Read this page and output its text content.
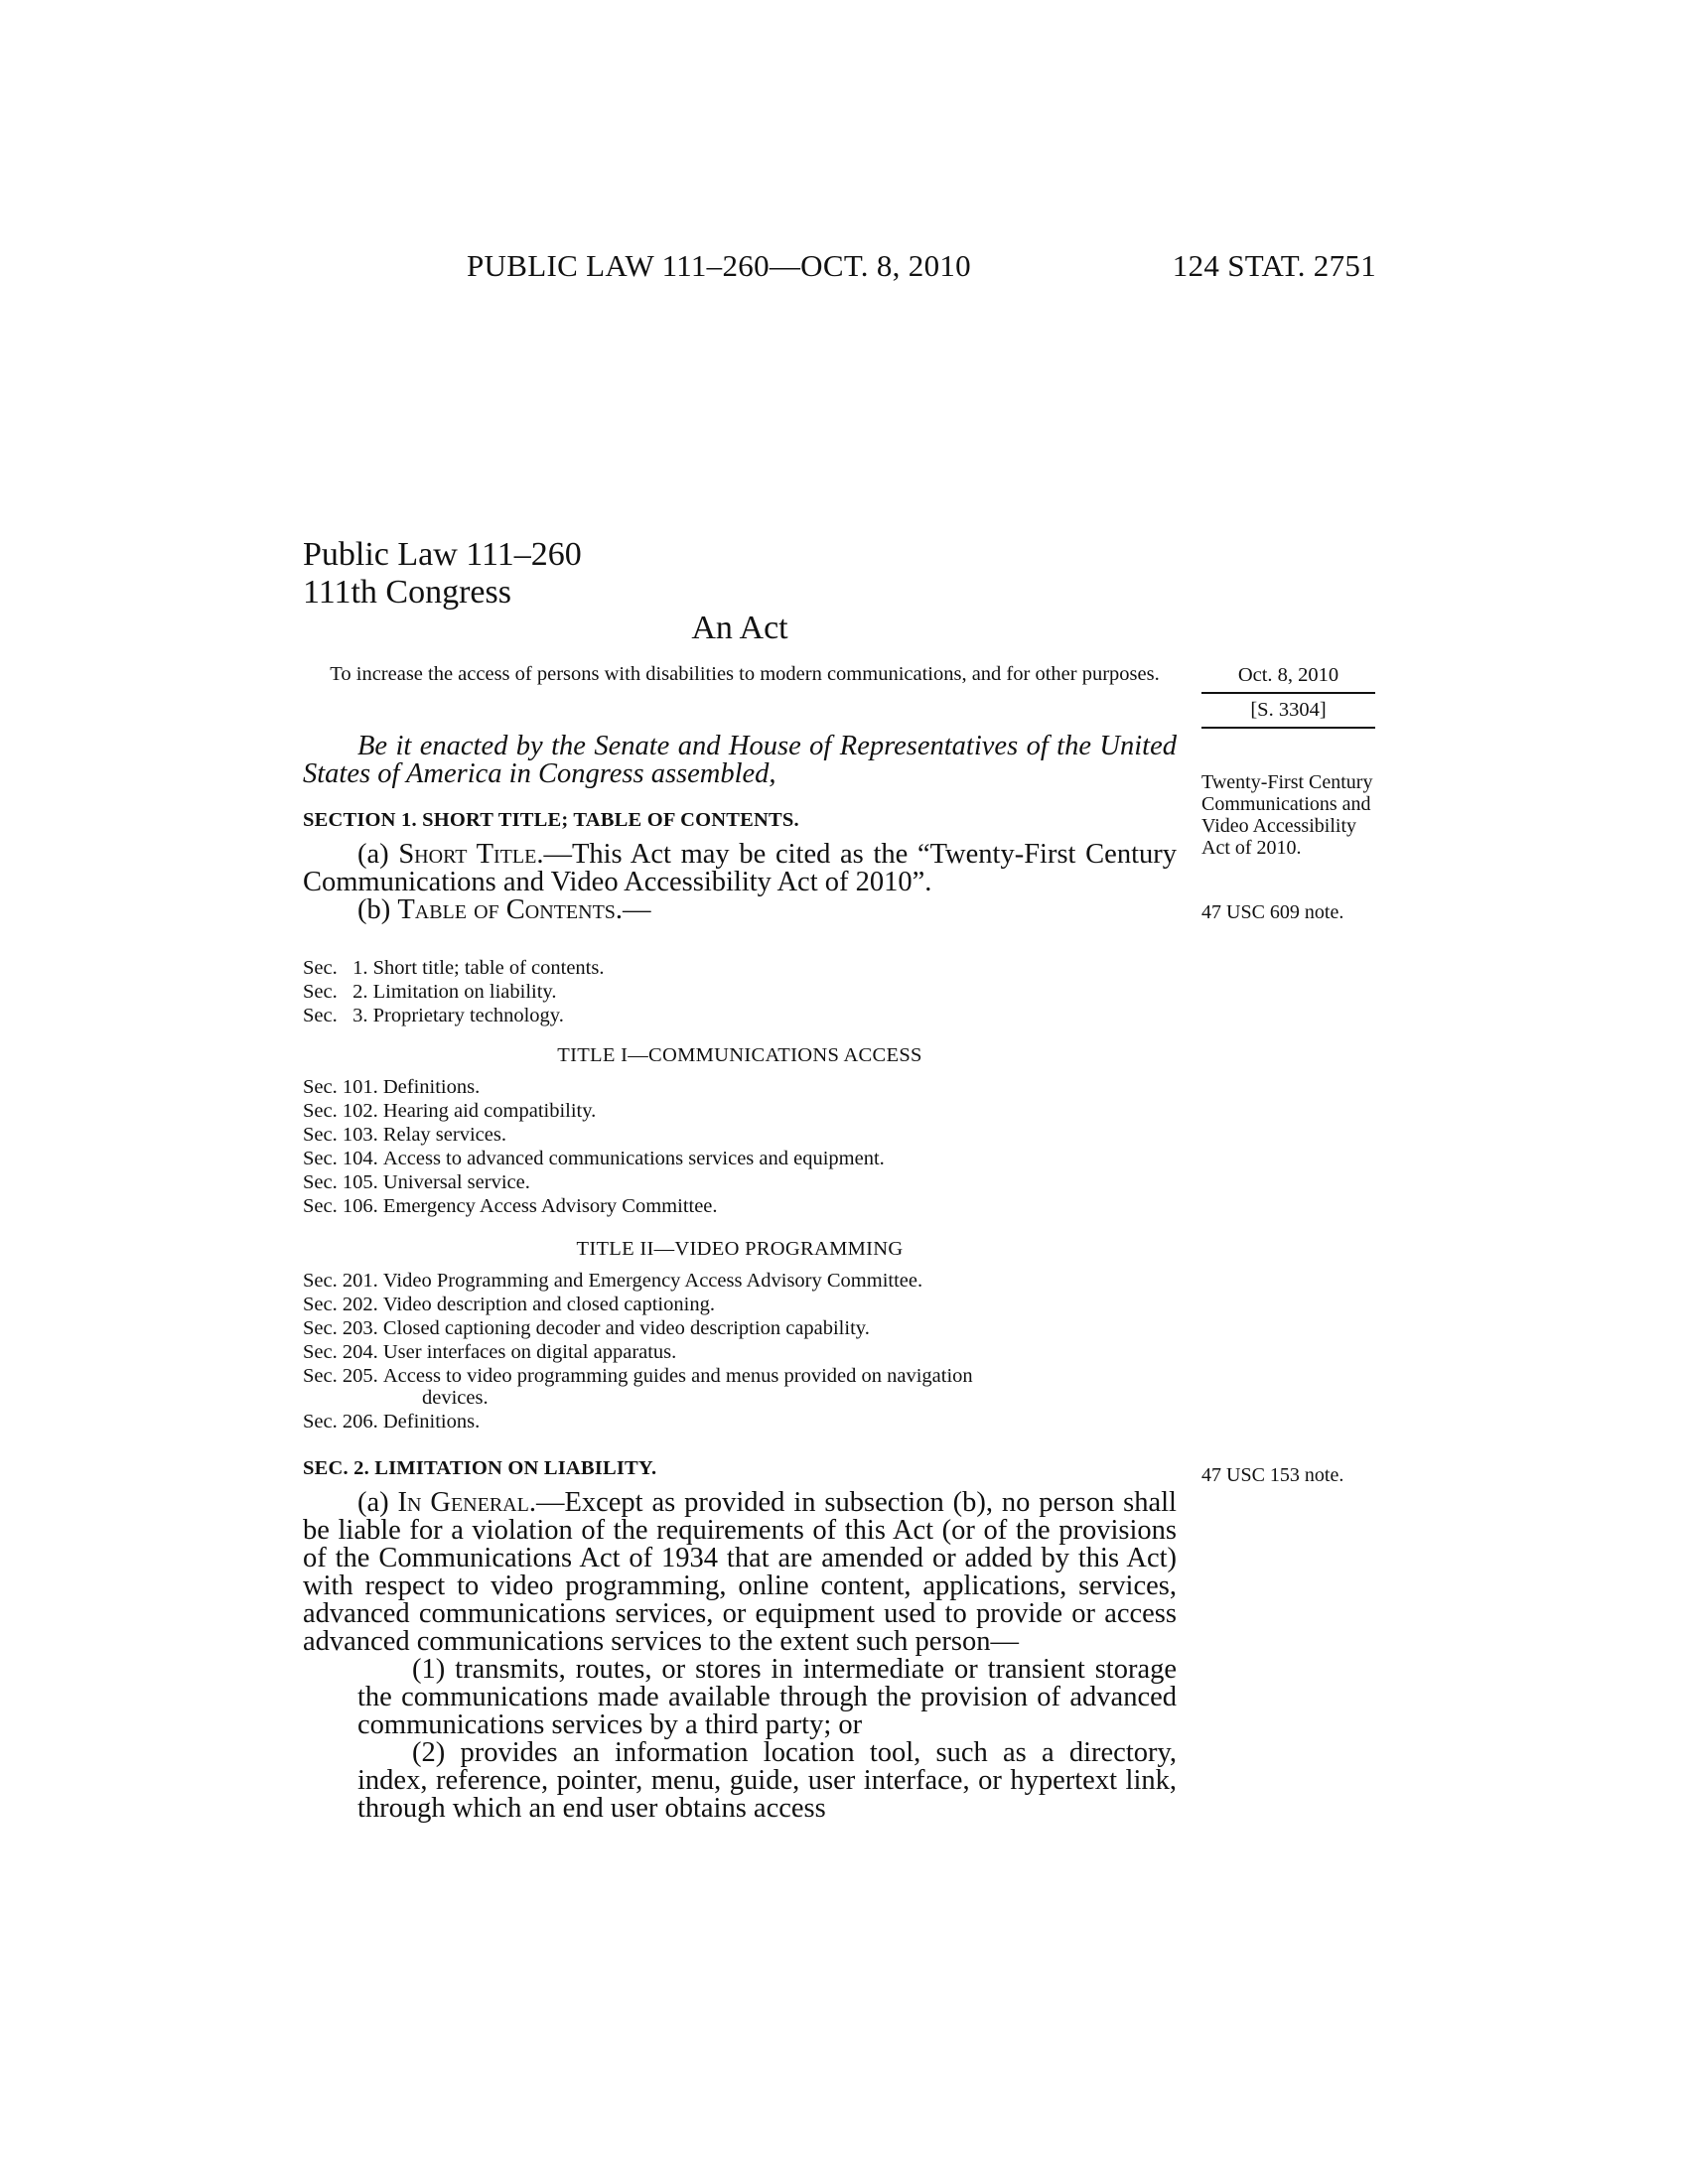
PUBLIC LAW 111–260—OCT. 8, 2010	124 STAT. 2751
Public Law 111–260
111th Congress
An Act
To increase the access of persons with disabilities to modern communications, and for other purposes.	Oct. 8, 2010
[S. 3304]
Twenty-First Century Communications and Video Accessibility Act of 2010.
47 USC 609 note.
47 USC 153 note.

Be it enacted by the Senate and House of Representatives of the United States of America in Congress assembled,

SECTION 1. SHORT TITLE; TABLE OF CONTENTS.

(a) Short Title.—This Act may be cited as the “Twenty-First Century Communications and Video Accessibility Act of 2010”.

(b) Table of Contents.—

Sec.   1. Short title; table of contents.
Sec.   2. Limitation on liability.
Sec.   3. Proprietary technology.
TITLE I—COMMUNICATIONS ACCESS
Sec. 101. Definitions.
Sec. 102. Hearing aid compatibility.
Sec. 103. Relay services.
Sec. 104. Access to advanced communications services and equipment.
Sec. 105. Universal service.
Sec. 106. Emergency Access Advisory Committee.
TITLE II—VIDEO PROGRAMMING
Sec. 201. Video Programming and Emergency Access Advisory Committee.
Sec. 202. Video description and closed captioning.
Sec. 203. Closed captioning decoder and video description capability.
Sec. 204. User interfaces on digital apparatus.
Sec. 205. Access to video programming guides and menus provided on navigation
devices.
Sec. 206. Definitions.
SEC. 2. LIMITATION ON LIABILITY.

(a) In General.—Except as provided in subsection (b), no person shall be liable for a violation of the requirements of this Act (or of the provisions of the Communications Act of 1934 that are amended or added by this Act) with respect to video programming, online content, applications, services, advanced communications services, or equipment used to provide or access advanced communications services to the extent such person—

(1) transmits, routes, or stores in intermediate or transient storage the communications made available through the provision of advanced communications services by a third party; or

(2) provides an information location tool, such as a directory, index, reference, pointer, menu, guide, user interface, or hypertext link, through which an end user obtains access
